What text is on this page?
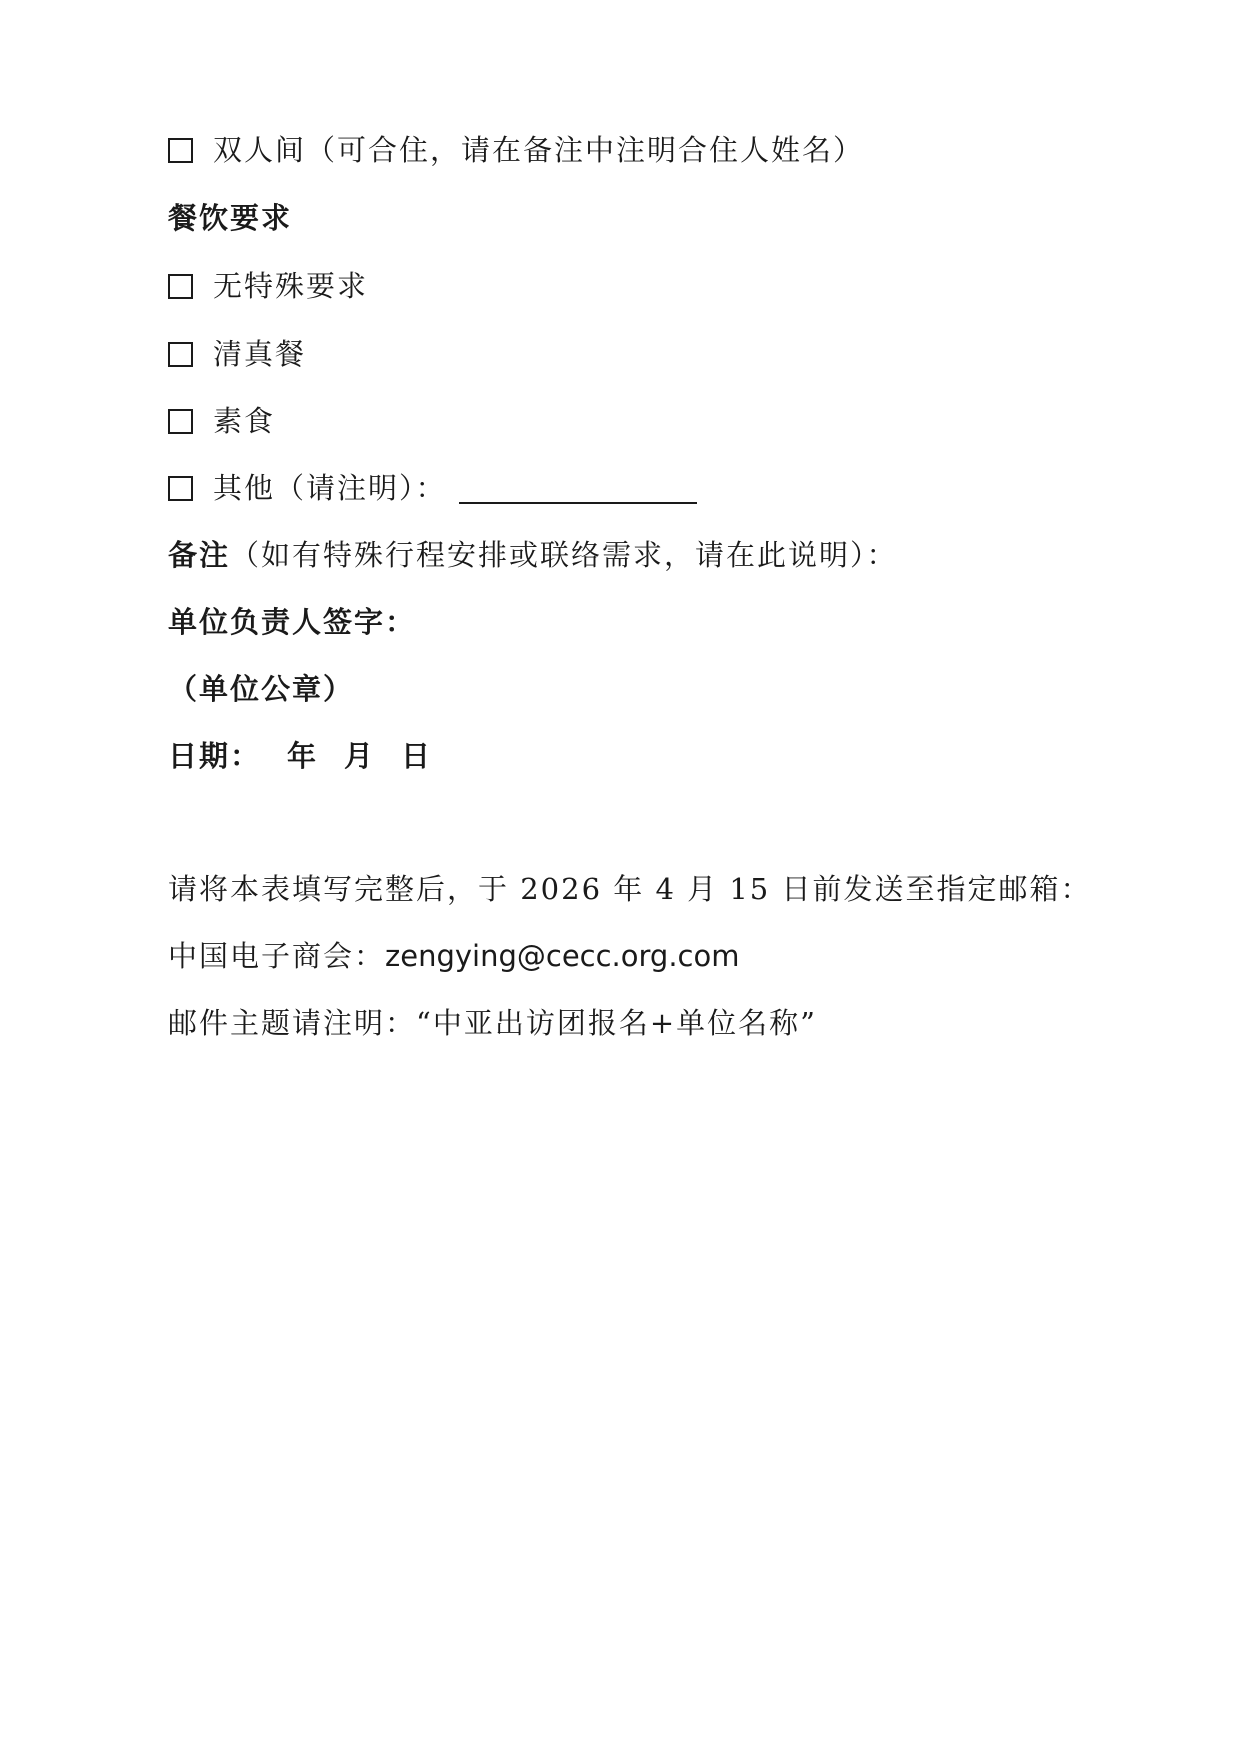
双人间（可合住，请在备注中注明合住人姓名）
餐饮要求
无特殊要求
清真餐
素食
其他（请注明）：
备注（如有特殊行程安排或联络需求，请在此说明）：
单位负责人签字：
（单位公章）
日期： 年 月 日
请将本表填写完整后，于 2026 年 4 月 15 日前发送至指定邮箱：
中国电子商会：zengying@cecc.org.com
邮件主题请注明：“中亚出访团报名+单位名称”
